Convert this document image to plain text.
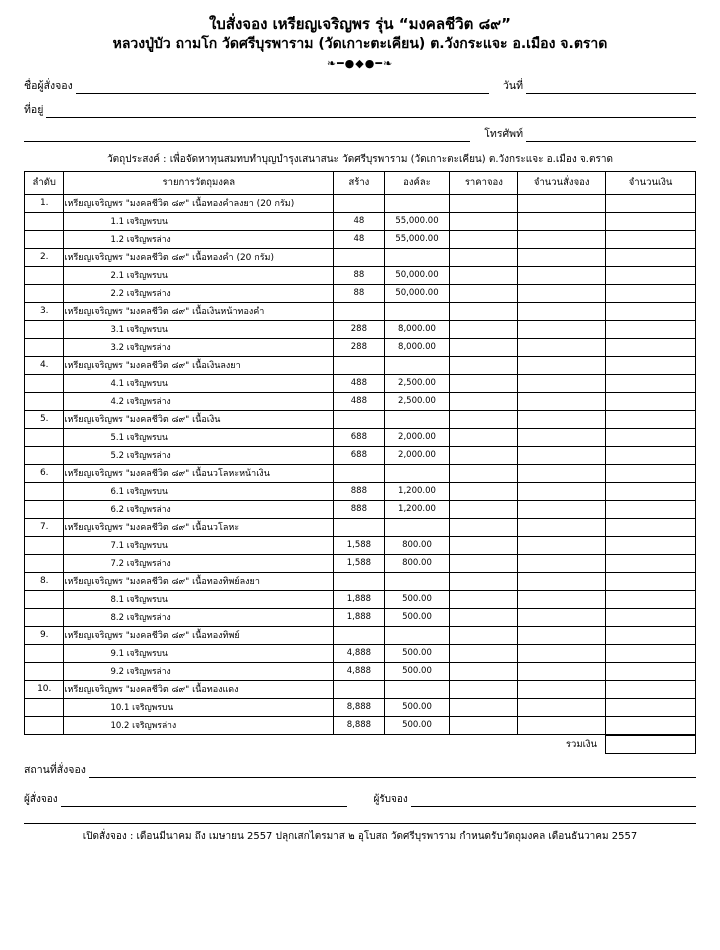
ใบสั่งจอง เหรียญเจริญพร รุ่น “มงคลชีวิต ๘๙”
หลวงปู่บัว ถามโก วัดศรีบุรพาราม (วัดเกาะตะเคียน) ต.วังกระแจะ อ.เมือง จ.ตราด
❧━●◆●━❧
ชื่อผู้สั่งจอง	วันที่
ที่อยู่
โทรศัพท์
วัตถุประสงค์ : เพื่อจัดหาทุนสมทบทำบุญบำรุงเสนาสนะ วัดศรีบุรพาราม (วัดเกาะตะเคียน) ต.วังกระแจะ อ.เมือง จ.ตราด
ลำดับ	รายการวัตถุมงคล	สร้าง	องค์ละ	ราคาจอง	จำนวนสั่งจอง	จำนวนเงิน
1.	เหรียญเจริญพร "มงคลชีวิต ๘๙" เนื้อทองคำลงยา (20 กรัม)					
	1.1 เจริญพรบน	48	55,000.00			
	1.2 เจริญพรล่าง	48	55,000.00			
2.	เหรียญเจริญพร "มงคลชีวิต ๘๙" เนื้อทองคำ (20 กรัม)					
	2.1 เจริญพรบน	88	50,000.00			
	2.2 เจริญพรล่าง	88	50,000.00			
3.	เหรียญเจริญพร "มงคลชีวิต ๘๙" เนื้อเงินหน้าทองคำ					
	3.1 เจริญพรบน	288	8,000.00			
	3.2 เจริญพรล่าง	288	8,000.00			
4.	เหรียญเจริญพร "มงคลชีวิต ๘๙" เนื้อเงินลงยา					
	4.1 เจริญพรบน	488	2,500.00			
	4.2 เจริญพรล่าง	488	2,500.00			
5.	เหรียญเจริญพร "มงคลชีวิต ๘๙" เนื้อเงิน					
	5.1 เจริญพรบน	688	2,000.00			
	5.2 เจริญพรล่าง	688	2,000.00			
6.	เหรียญเจริญพร "มงคลชีวิต ๘๙" เนื้อนวโลหะหน้าเงิน					
	6.1 เจริญพรบน	888	1,200.00			
	6.2 เจริญพรล่าง	888	1,200.00			
7.	เหรียญเจริญพร "มงคลชีวิต ๘๙" เนื้อนวโลหะ					
	7.1 เจริญพรบน	1,588	800.00			
	7.2 เจริญพรล่าง	1,588	800.00			
8.	เหรียญเจริญพร "มงคลชีวิต ๘๙" เนื้อทองทิพย์ลงยา					
	8.1 เจริญพรบน	1,888	500.00			
	8.2 เจริญพรล่าง	1,888	500.00			
9.	เหรียญเจริญพร "มงคลชีวิต ๘๙" เนื้อทองทิพย์					
	9.1 เจริญพรบน	4,888	500.00			
	9.2 เจริญพรล่าง	4,888	500.00			
10.	เหรียญเจริญพร "มงคลชีวิต ๘๙" เนื้อทองแดง					
	10.1 เจริญพรบน	8,888	500.00			
	10.2 เจริญพรล่าง	8,888	500.00			
	รวมเงิน	
สถานที่สั่งจอง
ผู้สั่งจอง	ผู้รับจอง
เปิดสั่งจอง : เดือนมีนาคม ถึง เมษายน 2557 ปลุกเสกไตรมาส ๒ อุโบสถ วัดศรีบุรพาราม กำหนดรับวัตถุมงคล เดือนธันวาคม 2557
